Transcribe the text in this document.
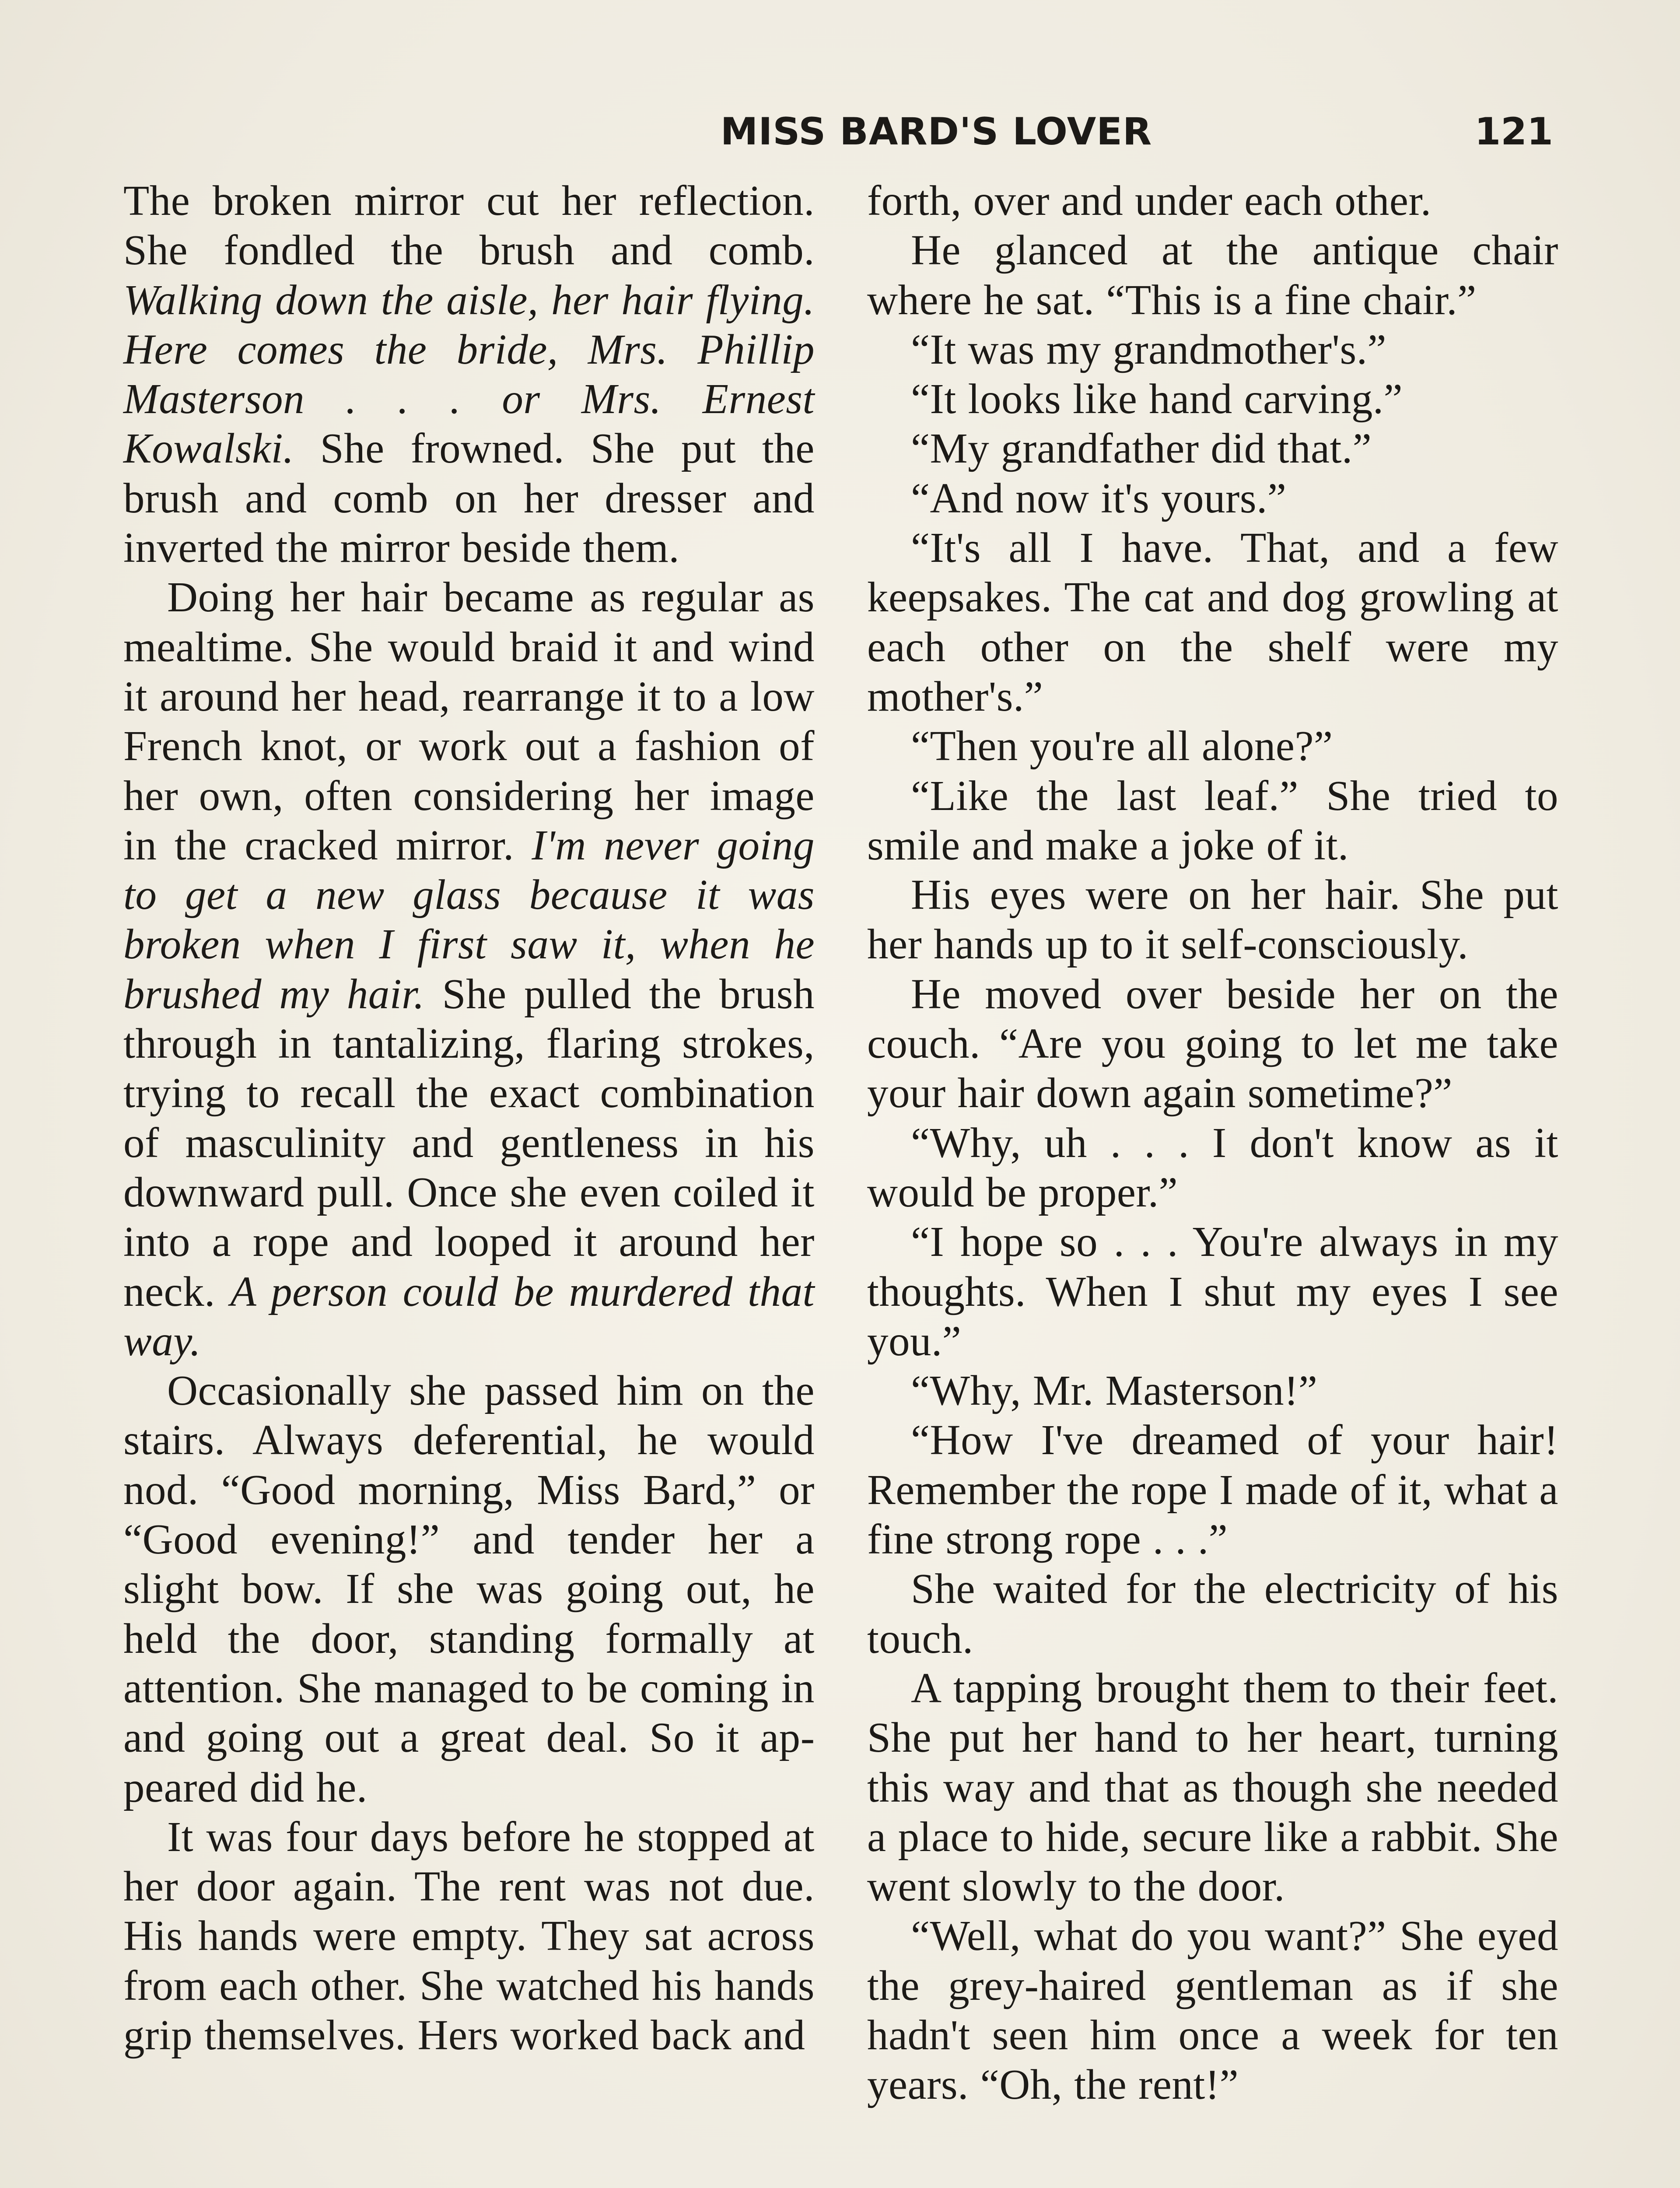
MISS BARD'S LOVER	121

The broken mirror cut her reflection. She fondled the brush and comb. Walking down the aisle, her hair flying. Here comes the bride, Mrs. Phillip Masterson . . . or Mrs. Ernest Kowalski. She frowned. She put the brush and comb on her dresser and inverted the mirror beside them.

Doing her hair became as regular as mealtime. She would braid it and wind it around her head, rearrange it to a low French knot, or work out a fashion of her own, often considering her image in the cracked mirror. I'm never going to get a new glass because it was broken when I first saw it, when he brushed my hair. She pulled the brush through in tantalizing, flaring strokes, trying to recall the exact combination of masculinity and gentleness in his downward pull. Once she even coiled it into a rope and looped it around her neck. A person could be murdered that way.

Occasionally she passed him on the stairs. Always deferential, he would nod. “Good morning, Miss Bard,” or “Good evening!” and tender her a slight bow. If she was going out, he held the door, standing formally at attention. She managed to be coming in and going out a great deal. So it appeared did he.

It was four days before he stopped at her door again. The rent was not due. His hands were empty. They sat across from each other. She watched his hands grip themselves. Hers worked back and

forth, over and under each other.

He glanced at the antique chair where he sat. “This is a fine chair.”

“It was my grandmother's.”

“It looks like hand carving.”

“My grandfather did that.”

“And now it's yours.”

“It's all I have. That, and a few keepsakes. The cat and dog growling at each other on the shelf were my mother's.”

“Then you're all alone?”

“Like the last leaf.” She tried to smile and make a joke of it.

His eyes were on her hair. She put her hands up to it self-consciously.

He moved over beside her on the couch. “Are you going to let me take your hair down again sometime?”

“Why, uh . . . I don't know as it would be proper.”

“I hope so . . . You're always in my thoughts. When I shut my eyes I see you.”

“Why, Mr. Masterson!”

“How I've dreamed of your hair! Remember the rope I made of it, what a fine strong rope . . .”

She waited for the electricity of his touch.

A tapping brought them to their feet. She put her hand to her heart, turning this way and that as though she needed a place to hide, secure like a rabbit. She went slowly to the door.

“Well, what do you want?” She eyed the grey-haired gentleman as if she hadn't seen him once a week for ten years. “Oh, the rent!”
